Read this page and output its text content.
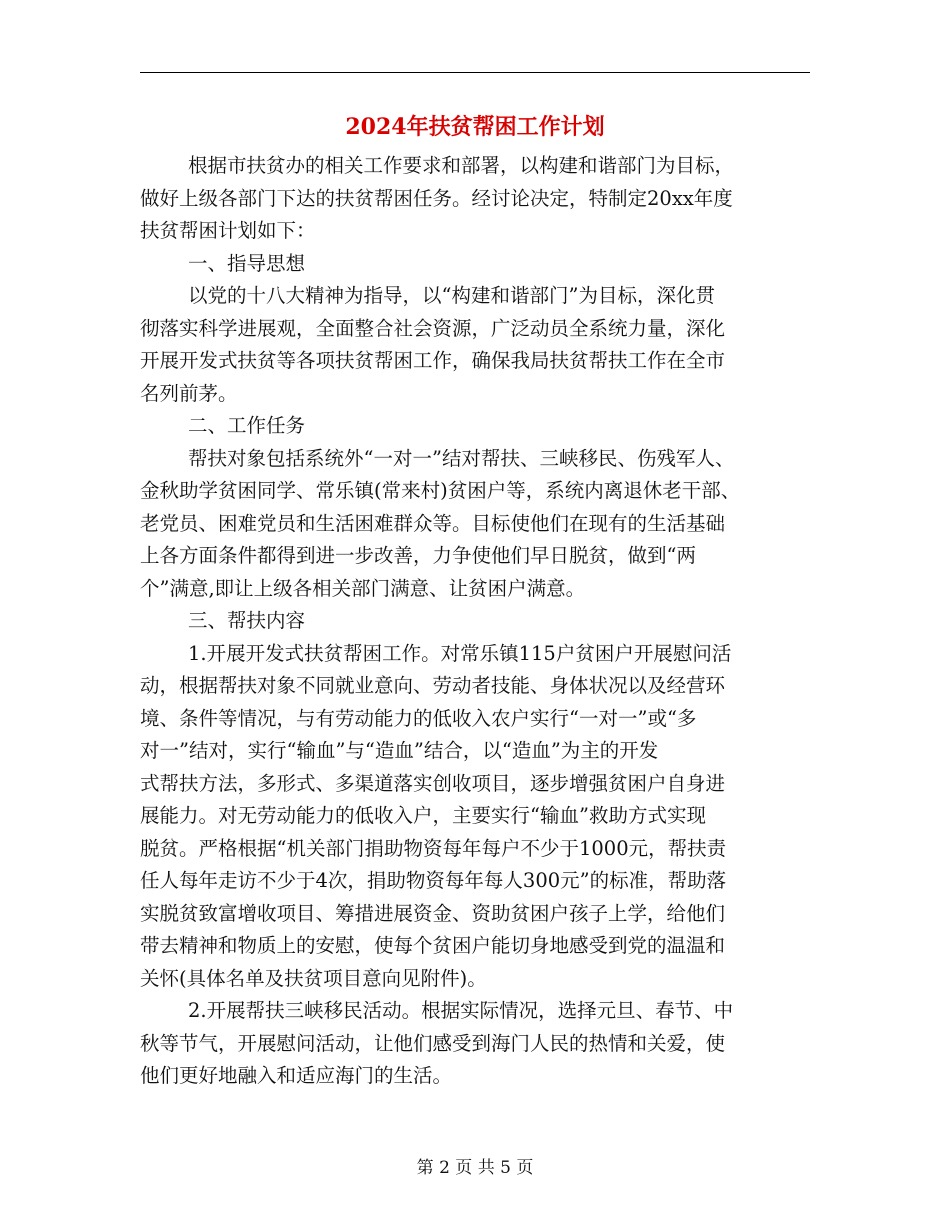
2024年扶贫帮困工作计划
根据市扶贫办的相关工作要求和部署，以构建和谐部门为目标，
做好上级各部门下达的扶贫帮困任务。经讨论决定，特制定20xx年度
扶贫帮困计划如下：
一、指导思想
以党的十八大精神为指导，以“构建和谐部门”为目标，深化贯
彻落实科学进展观，全面整合社会资源，广泛动员全系统力量，深化
开展开发式扶贫等各项扶贫帮困工作，确保我局扶贫帮扶工作在全市
名列前茅。
二、工作任务
帮扶对象包括系统外“一对一”结对帮扶、三峡移民、伤残军人、
金秋助学贫困同学、常乐镇(常来村)贫困户等，系统内离退休老干部、
老党员、困难党员和生活困难群众等。目标使他们在现有的生活基础
上各方面条件都得到进一步改善，力争使他们早日脱贫，做到“两
个”满意,即让上级各相关部门满意、让贫困户满意。
三、帮扶内容
1.开展开发式扶贫帮困工作。对常乐镇115户贫困户开展慰问活
动，根据帮扶对象不同就业意向、劳动者技能、身体状况以及经营环
境、条件等情况，与有劳动能力的低收入农户实行“一对一”或“多
对一”结对，实行“输血”与“造血”结合，以“造血”为主的开发
式帮扶方法，多形式、多渠道落实创收项目，逐步增强贫困户自身进
展能力。对无劳动能力的低收入户，主要实行“输血”救助方式实现
脱贫。严格根据“机关部门捐助物资每年每户不少于1000元，帮扶责
任人每年走访不少于4次，捐助物资每年每人300元”的标准，帮助落
实脱贫致富增收项目、筹措进展资金、资助贫困户孩子上学，给他们
带去精神和物质上的安慰，使每个贫困户能切身地感受到党的温温和
关怀(具体名单及扶贫项目意向见附件)。
2.开展帮扶三峡移民活动。根据实际情况，选择元旦、春节、中
秋等节气，开展慰问活动，让他们感受到海门人民的热情和关爱，使
他们更好地融入和适应海门的生活。
第 2 页 共 5 页
